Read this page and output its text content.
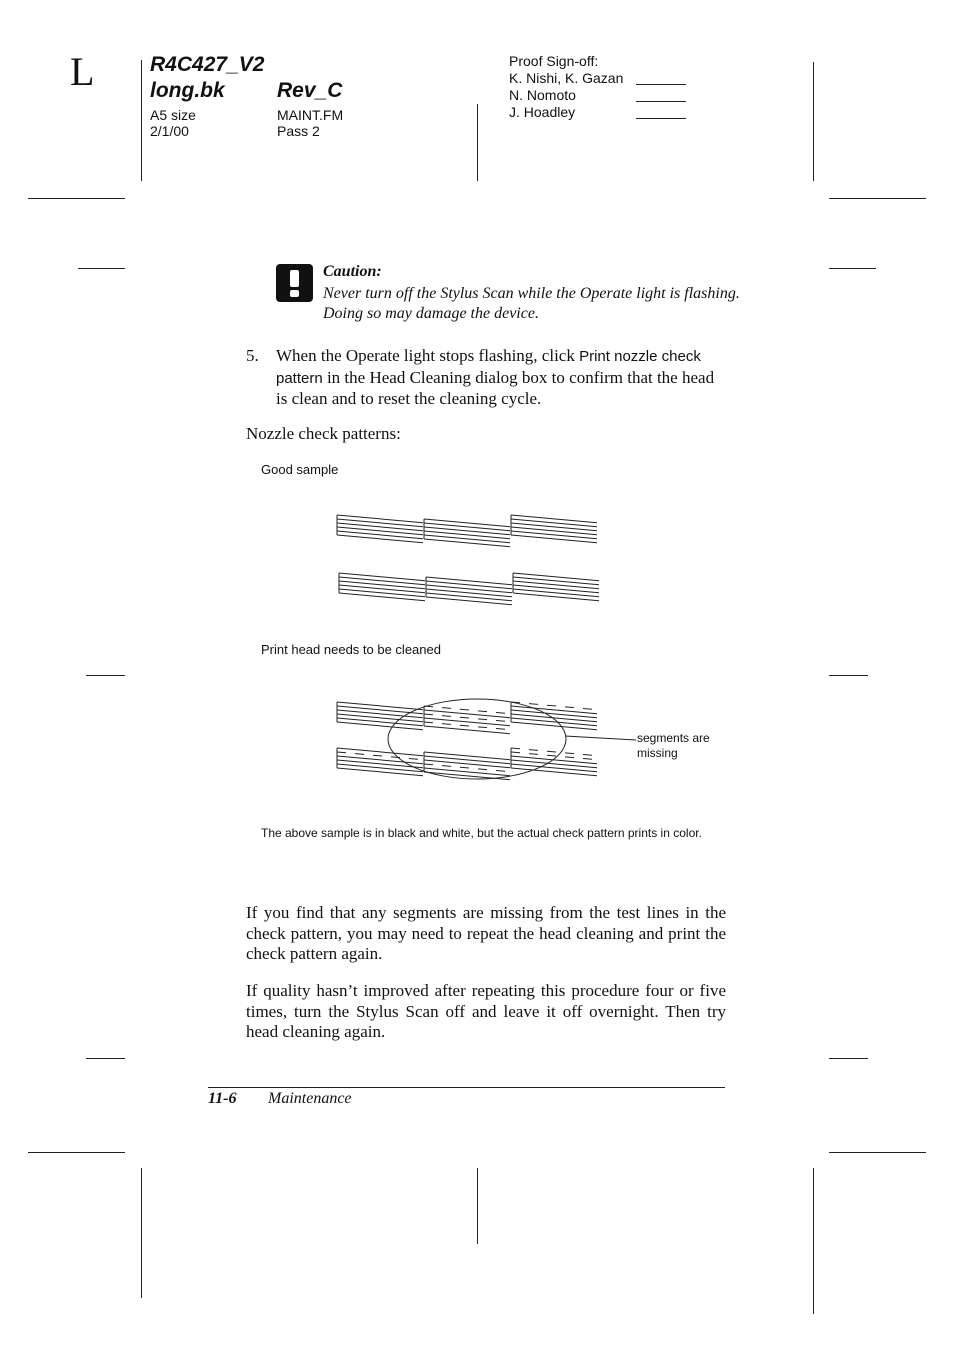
L	R4C427_V2
long.bk Rev_C
A5 size
2/1/00
MAINT.FM
Pass 2
Proof Sign-off:
K. Nishi, K. Gazan
N. Nomoto
J. Hoadley
Caution:
Never turn off the Stylus Scan while the Operate light is flashing. Doing so may damage the device.
5. When the Operate light stops flashing, click Print nozzle check pattern in the Head Cleaning dialog box to confirm that the head is clean and to reset the cleaning cycle.
Nozzle check patterns:
Good sample
Print head needs to be cleaned
segments are missing
The above sample is in black and white, but the actual check pattern prints in color.
If you find that any segments are missing from the test lines in the check pattern, you may need to repeat the head cleaning and print the check pattern again.
If quality hasn’t improved after repeating this procedure four or five times, turn the Stylus Scan off and leave it off overnight. Then try head cleaning again.
11-6 Maintenance
